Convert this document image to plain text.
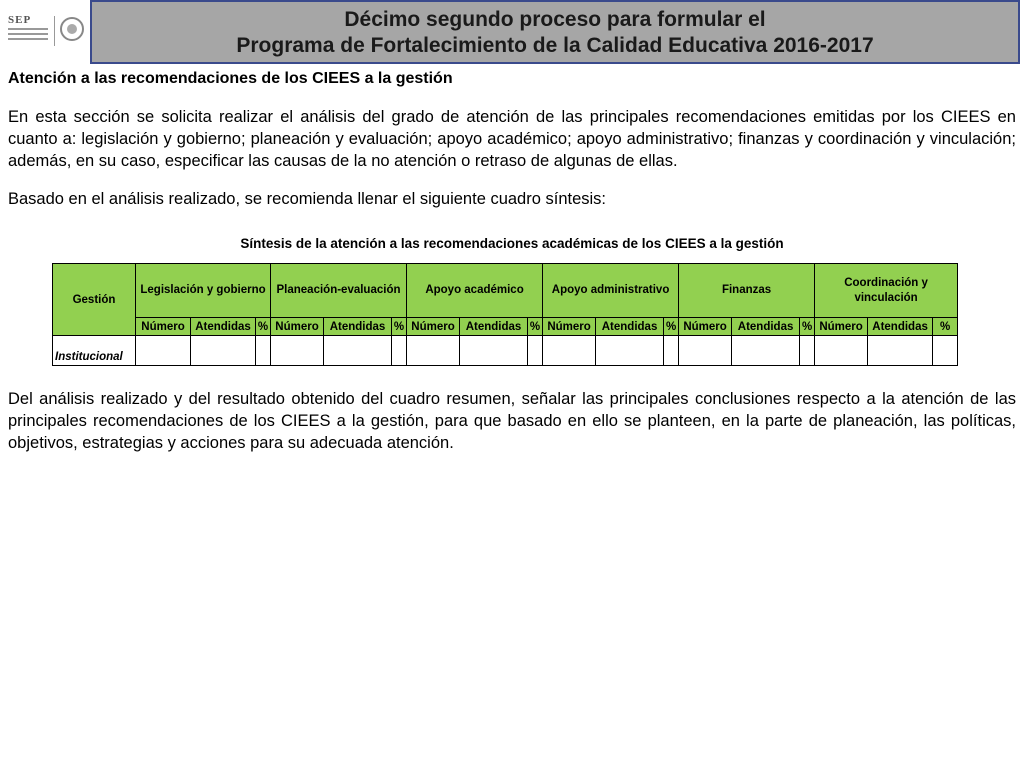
SEP	Décimo segundo proceso para formular el
Programa de Fortalecimiento de la Calidad Educativa 2016-2017
Atención a las recomendaciones de los CIEES a la gestión
En esta sección se solicita realizar el análisis del grado de atención de las principales recomendaciones emitidas por los CIEES en cuanto a: legislación y gobierno; planeación y evaluación; apoyo académico; apoyo administrativo; finanzas y coordinación y vinculación; además, en su caso, especificar las causas de la no atención o retraso de algunas de ellas.
Basado en el análisis realizado, se recomienda llenar el siguiente cuadro síntesis:
Síntesis de la atención a las recomendaciones académicas de los CIEES a la gestión
Gestión	Legislación y gobierno			Planeación-evaluación			Apoyo académico			Apoyo administrativo			Finanzas			Coordinación y vinculación		
	Número	Atendidas	%	Número	Atendidas	%	Número	Atendidas	%	Número	Atendidas	%	Número	Atendidas	%	Número	Atendidas	%
Institucional																		
Del análisis realizado y del resultado obtenido del cuadro resumen, señalar las principales conclusiones respecto a la atención de las principales recomendaciones de los CIEES a la gestión, para que basado en ello se planteen, en la parte de planeación, las políticas, objetivos, estrategias y acciones para su adecuada atención.
